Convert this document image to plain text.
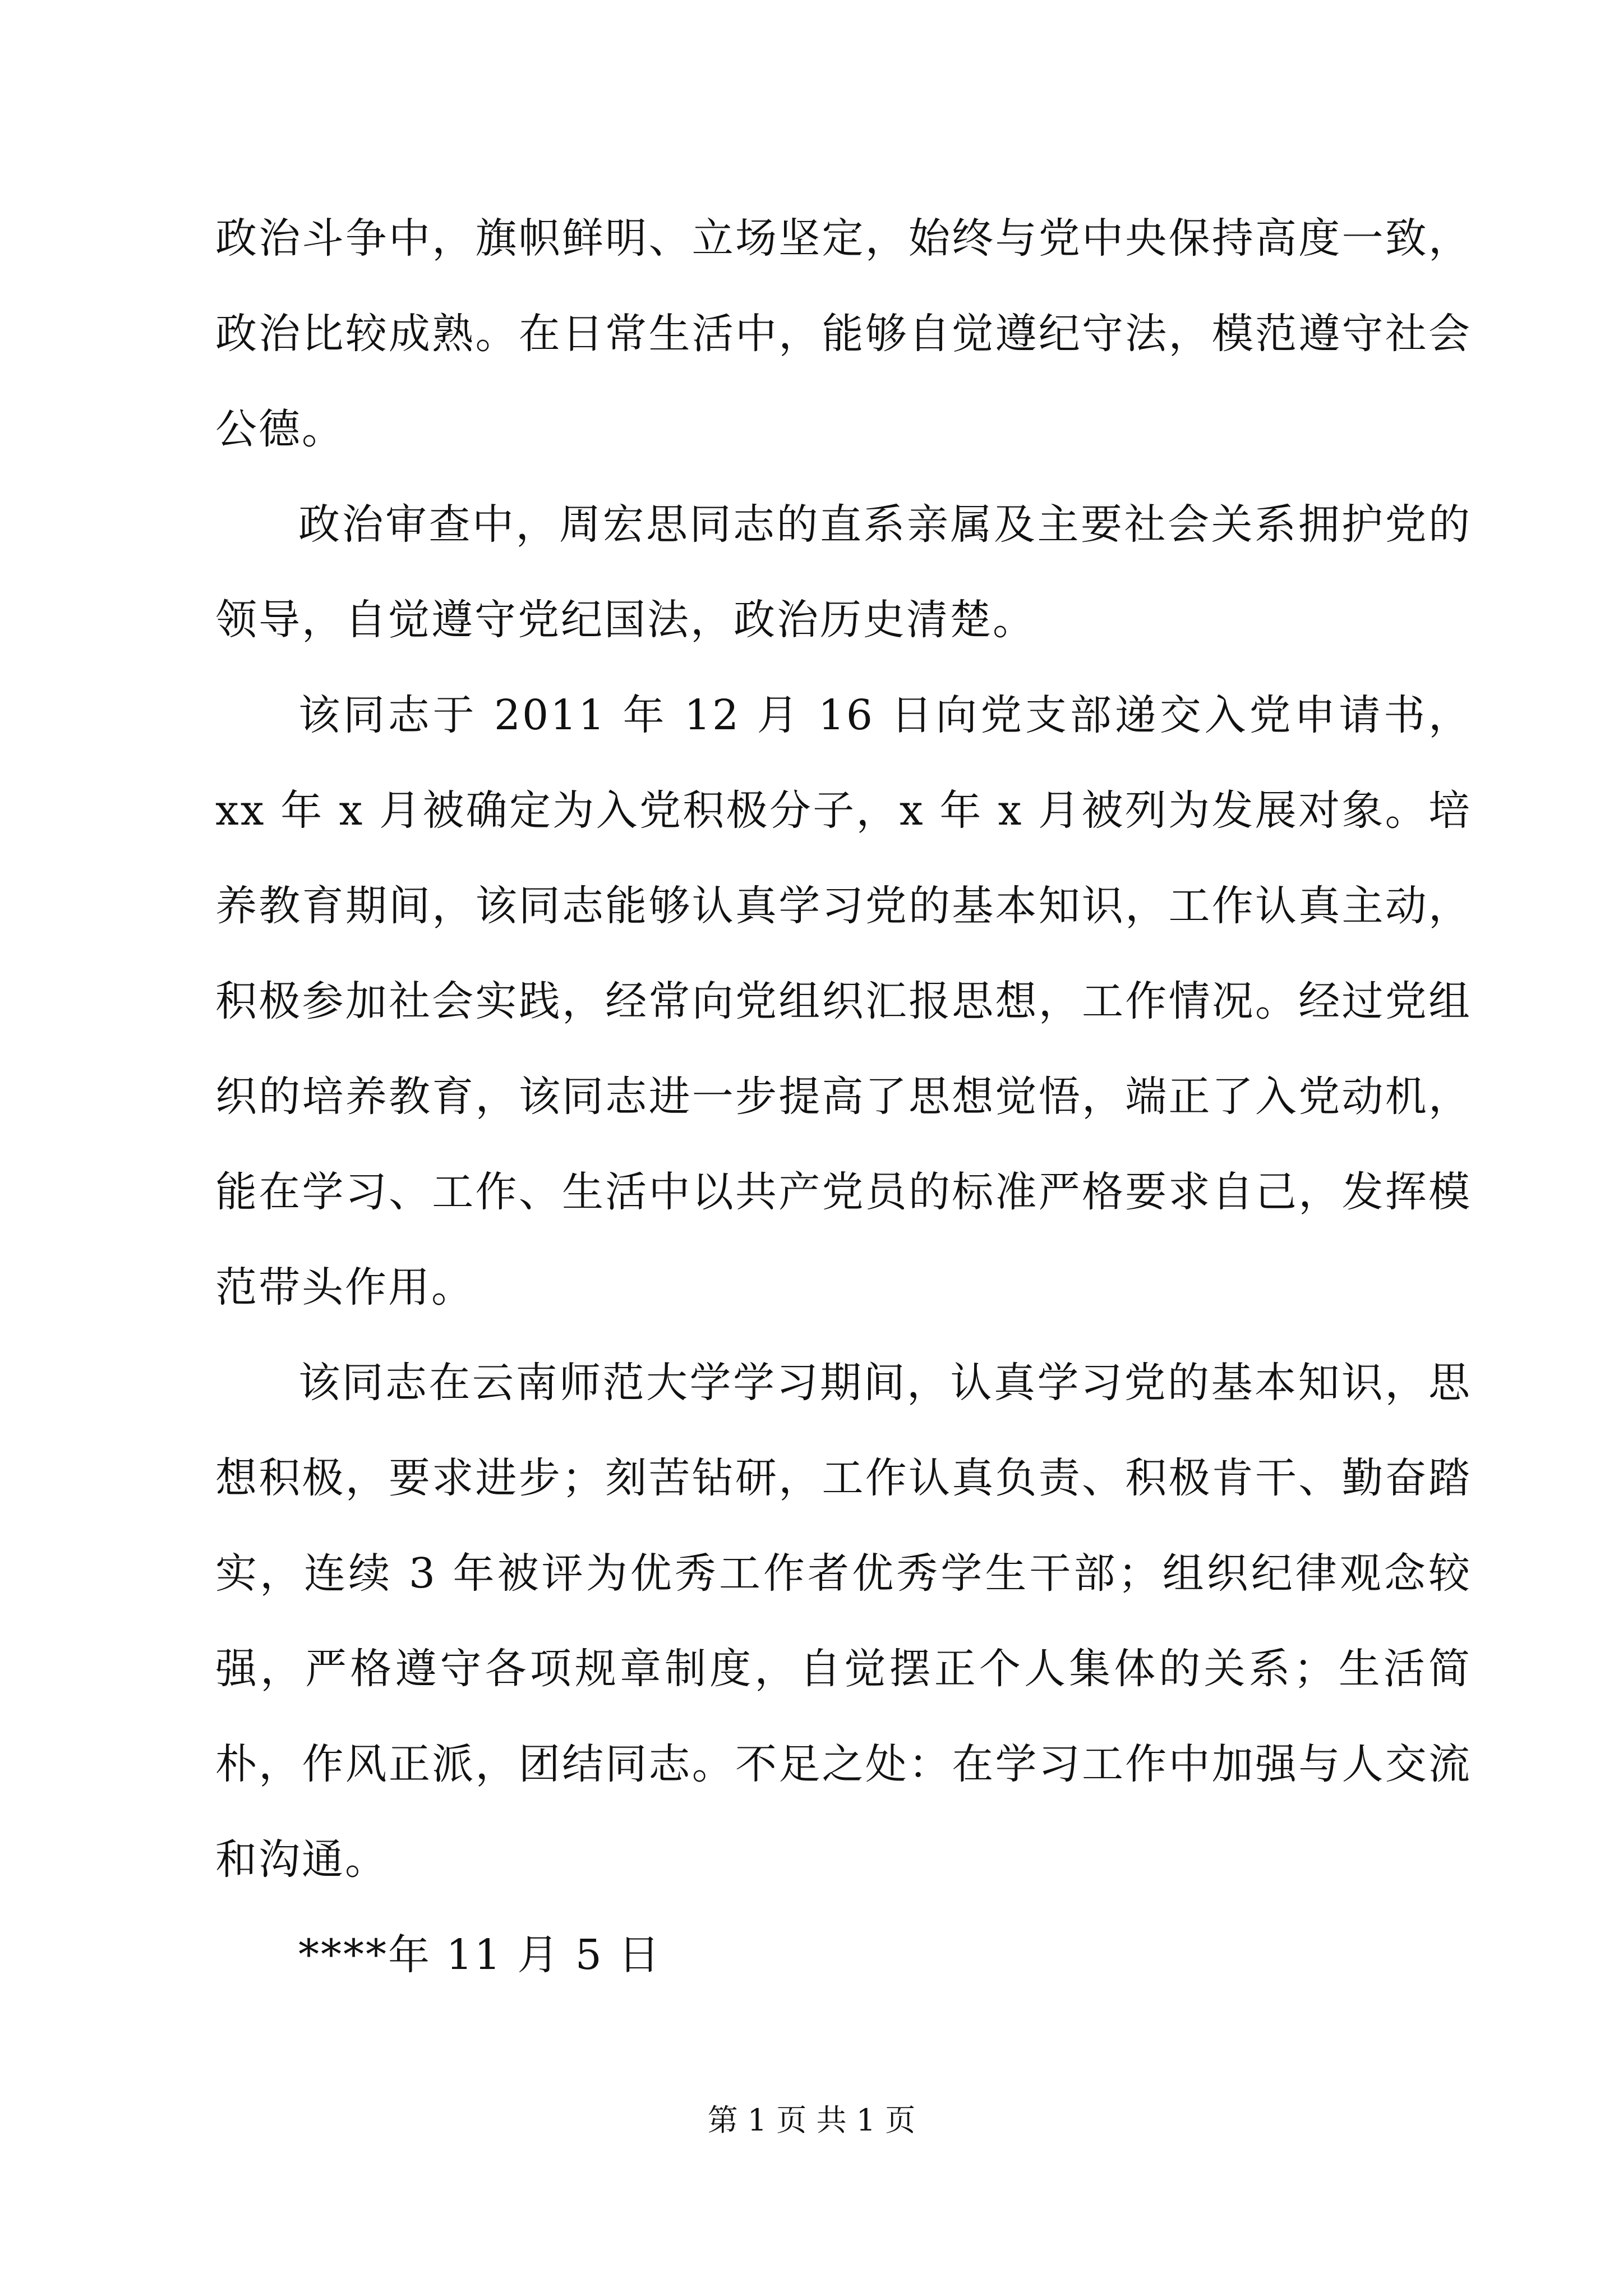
政治斗争中，旗帜鲜明、立场坚定，始终与党中央保持高度一致，政治比较成熟。在日常生活中，能够自觉遵纪守法，模范遵守社会公德。

政治审查中，周宏思同志的直系亲属及主要社会关系拥护党的领导，自觉遵守党纪国法，政治历史清楚。

该同志于 2011 年 12 月 16 日向党支部递交入党申请书，xx 年 x 月被确定为入党积极分子，x 年 x 月被列为发展对象。培养教育期间，该同志能够认真学习党的基本知识，工作认真主动，积极参加社会实践，经常向党组织汇报思想，工作情况。经过党组织的培养教育，该同志进一步提高了思想觉悟，端正了入党动机，能在学习、工作、生活中以共产党员的标准严格要求自己，发挥模范带头作用。

该同志在云南师范大学学习期间，认真学习党的基本知识，思想积极，要求进步；刻苦钻研，工作认真负责、积极肯干、勤奋踏实，连续 3 年被评为优秀工作者优秀学生干部；组织纪律观念较强，严格遵守各项规章制度，自觉摆正个人集体的关系；生活简朴，作风正派，团结同志。不足之处：在学习工作中加强与人交流和沟通。

****年 11 月 5 日

第 1 页 共 1 页
